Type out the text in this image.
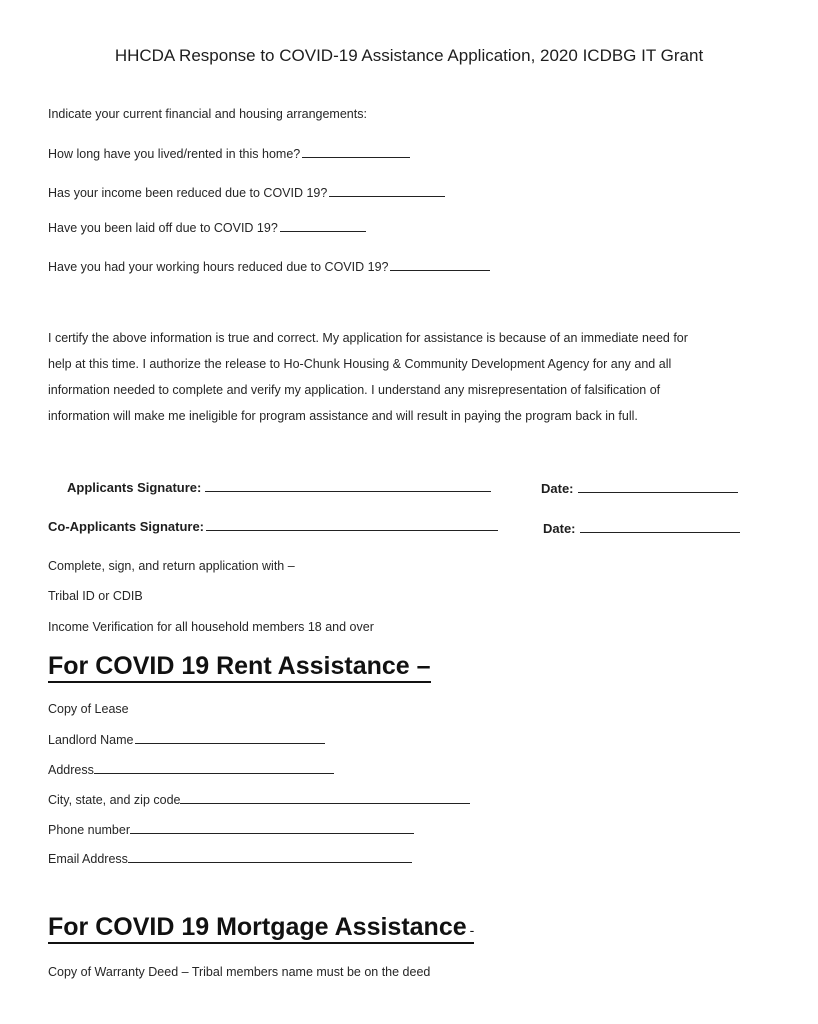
HHCDA Response to COVID-19 Assistance Application, 2020 ICDBG IT Grant
Indicate your current financial and housing arrangements:
How long have you lived/rented in this home?
Has your income been reduced due to COVID 19?
Have you been laid off due to COVID 19?
Have you had your working hours reduced due to COVID 19?

I certify the above information is true and correct. My application for assistance is because of an immediate need for

help at this time. I authorize the release to Ho-Chunk Housing & Community Development Agency for any and all

information needed to complete and verify my application. I understand any misrepresentation of falsification of

information will make me ineligible for program assistance and will result in paying the program back in full.

Applicants Signature:	Date:
Co-Applicants Signature:	Date:
Complete, sign, and return application with –
Tribal ID or CDIB
Income Verification for all household members 18 and over
For COVID 19 Rent Assistance –
Copy of Lease
Landlord Name
Address
City, state, and zip code
Phone number
Email Address
For COVID 19 Mortgage Assistance -
Copy of Warranty Deed – Tribal members name must be on the deed
